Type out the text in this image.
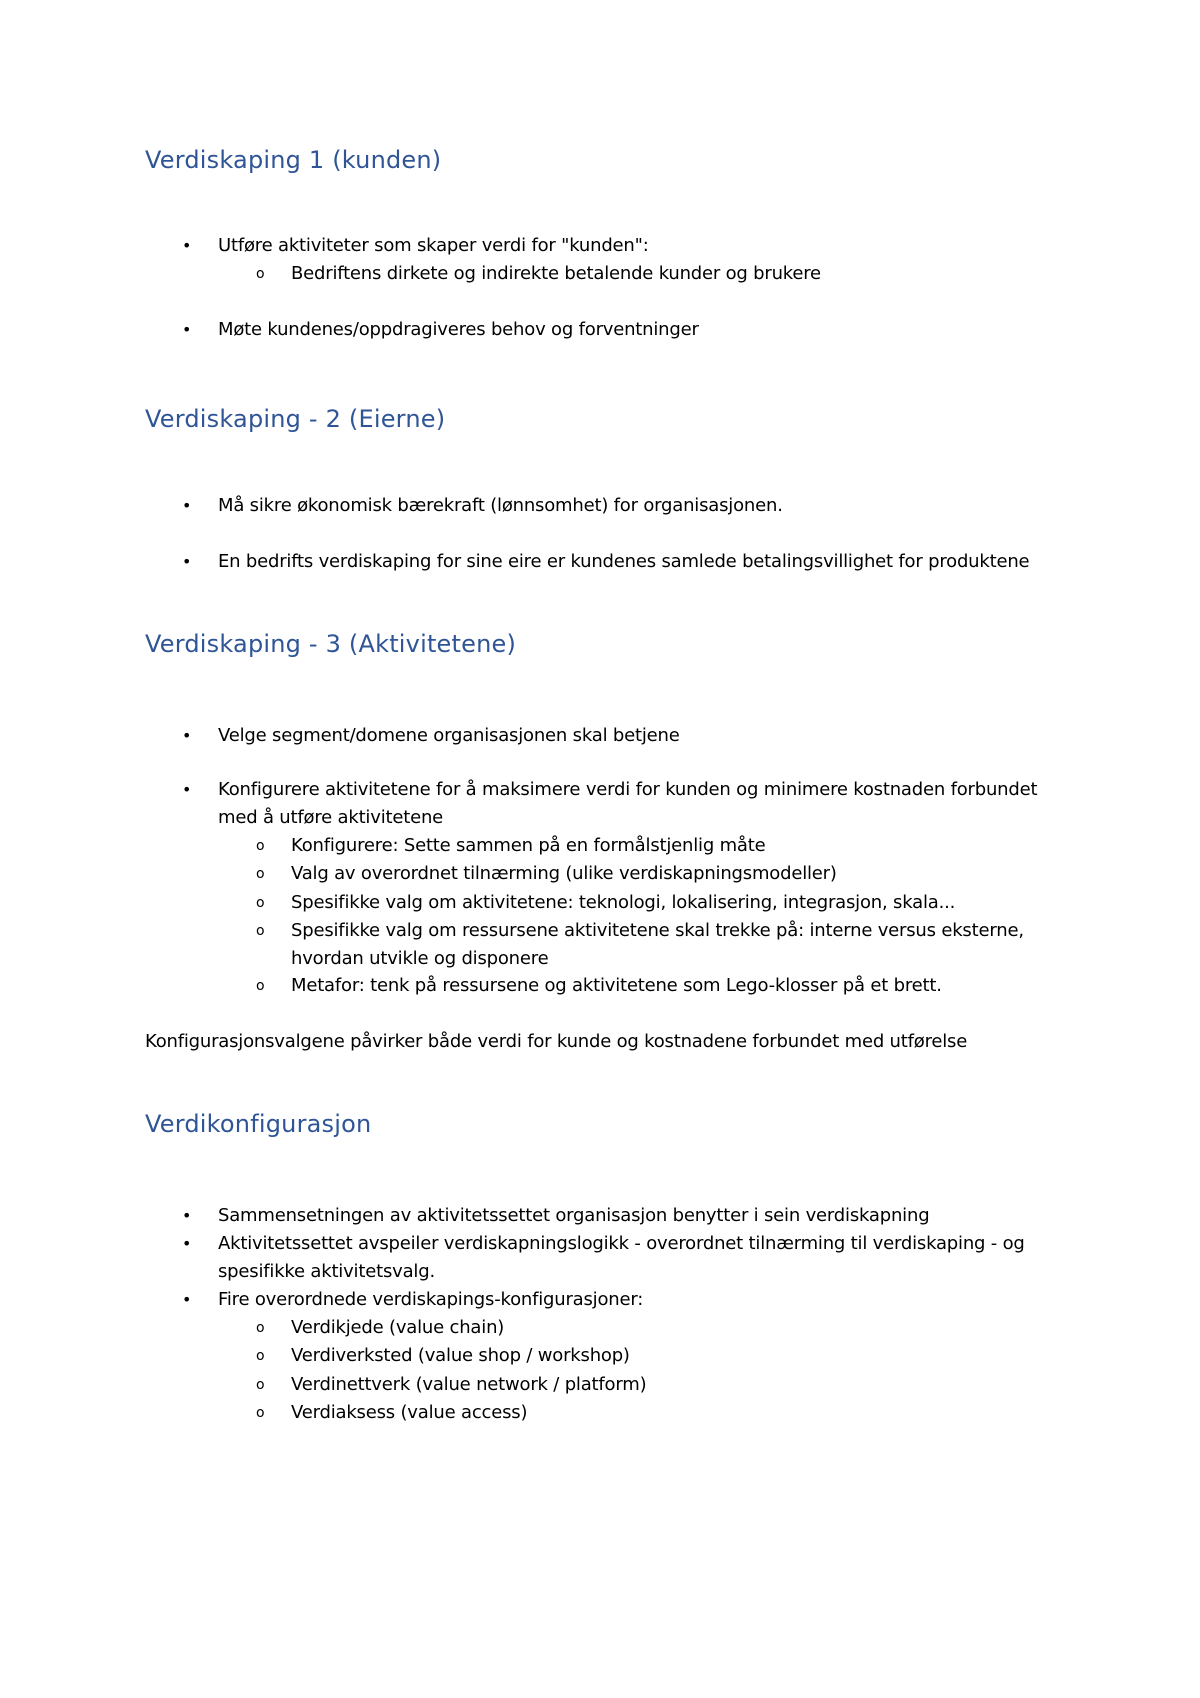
Verdiskaping 1 (kunden)
• Utføre aktiviteter som skaper verdi for "kunden":

o Bedriftens dirkete og indirekte betalende kunder og brukere

• Møte kundenes/oppdragiveres behov og forventninger

Verdiskaping - 2 (Eierne)
• Må sikre økonomisk bærekraft (lønnsomhet) for organisasjonen.

• En bedrifts verdiskaping for sine eire er kundenes samlede betalingsvillighet for produktene

Verdiskaping - 3 (Aktivitetene)
• Velge segment/domene organisasjonen skal betjene

• Konfigurere aktivitetene for å maksimere verdi for kunden og minimere kostnaden forbundet

med å utføre aktivitetene

o Konfigurere: Sette sammen på en formålstjenlig måte

o Valg av overordnet tilnærming (ulike verdiskapningsmodeller)

o Spesifikke valg om aktivitetene: teknologi, lokalisering, integrasjon, skala...

o Spesifikke valg om ressursene aktivitetene skal trekke på: interne versus eksterne,

hvordan utvikle og disponere

o Metafor: tenk på ressursene og aktivitetene som Lego-klosser på et brett.

Konfigurasjonsvalgene påvirker både verdi for kunde og kostnadene forbundet med utførelse

Verdikonfigurasjon
• Sammensetningen av aktivitetssettet organisasjon benytter i sein verdiskapning

• Aktivitetssettet avspeiler verdiskapningslogikk - overordnet tilnærming til verdiskaping - og

spesifikke aktivitetsvalg.

• Fire overordnede verdiskapings-konfigurasjoner:

o Verdikjede (value chain)

o Verdiverksted (value shop / workshop)

o Verdinettverk (value network / platform)

o Verdiaksess (value access)
